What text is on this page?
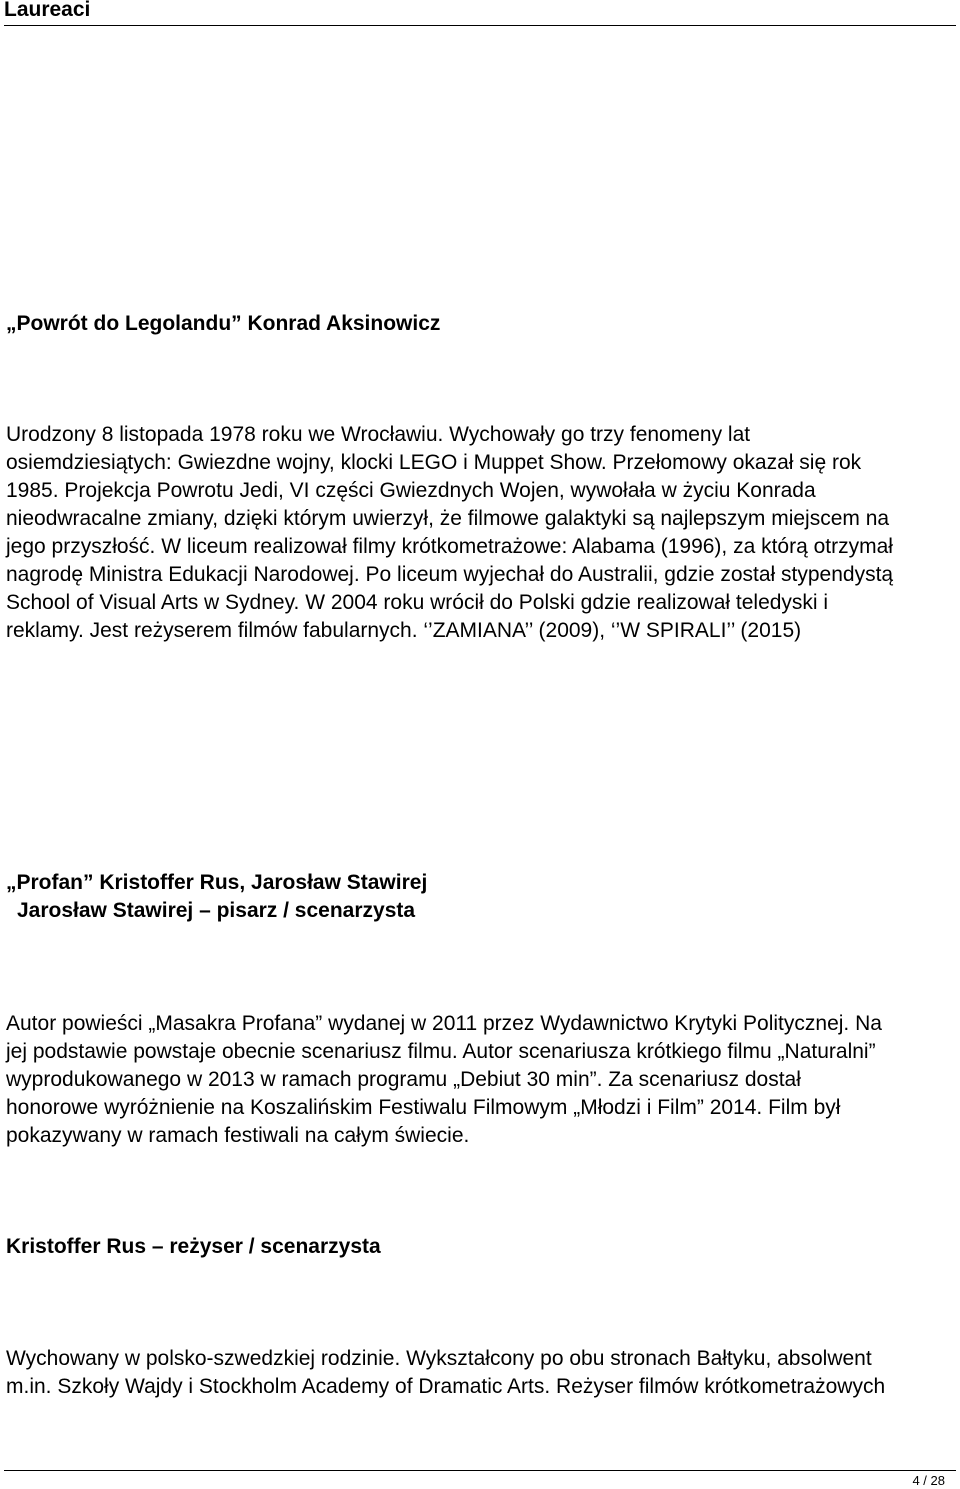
Laureaci
„Powrót do Legolandu” Konrad Aksinowicz
Urodzony 8 listopada 1978 roku we Wrocławiu. Wychowały go trzy fenomeny lat
osiemdziesiątych: Gwiezdne wojny, klocki LEGO i Muppet Show. Przełomowy okazał się rok
1985. Projekcja Powrotu Jedi, VI części Gwiezdnych Wojen, wywołała w życiu Konrada
nieodwracalne zmiany, dzięki którym uwierzył, że filmowe galaktyki są najlepszym miejscem na
jego przyszłość. W liceum realizował filmy krótkometrażowe: Alabama (1996), za którą otrzymał
nagrodę Ministra Edukacji Narodowej. Po liceum wyjechał do Australii, gdzie został stypendystą
School of Visual Arts w Sydney. W 2004 roku wrócił do Polski gdzie realizował teledyski i
reklamy. Jest reżyserem filmów fabularnych. ‘’ZAMIANA’’ (2009), ‘’W SPIRALI’’ (2015)
„Profan” Kristoffer Rus, Jarosław Stawirej
Jarosław Stawirej – pisarz / scenarzysta
Autor powieści „Masakra Profana” wydanej w 2011 przez Wydawnictwo Krytyki Politycznej. Na
jej podstawie powstaje obecnie scenariusz filmu. Autor scenariusza krótkiego filmu „Naturalni”
wyprodukowanego w 2013 w ramach programu „Debiut 30 min”. Za scenariusz dostał
honorowe wyróżnienie na Koszalińskim Festiwalu Filmowym „Młodzi i Film” 2014. Film był
pokazywany w ramach festiwali na całym świecie.
Kristoffer Rus – reżyser / scenarzysta
Wychowany w polsko-szwedzkiej rodzinie. Wykształcony po obu stronach Bałtyku, absolwent
m.in. Szkoły Wajdy i Stockholm Academy of Dramatic Arts. Reżyser filmów krótkometrażowych
4 / 28
